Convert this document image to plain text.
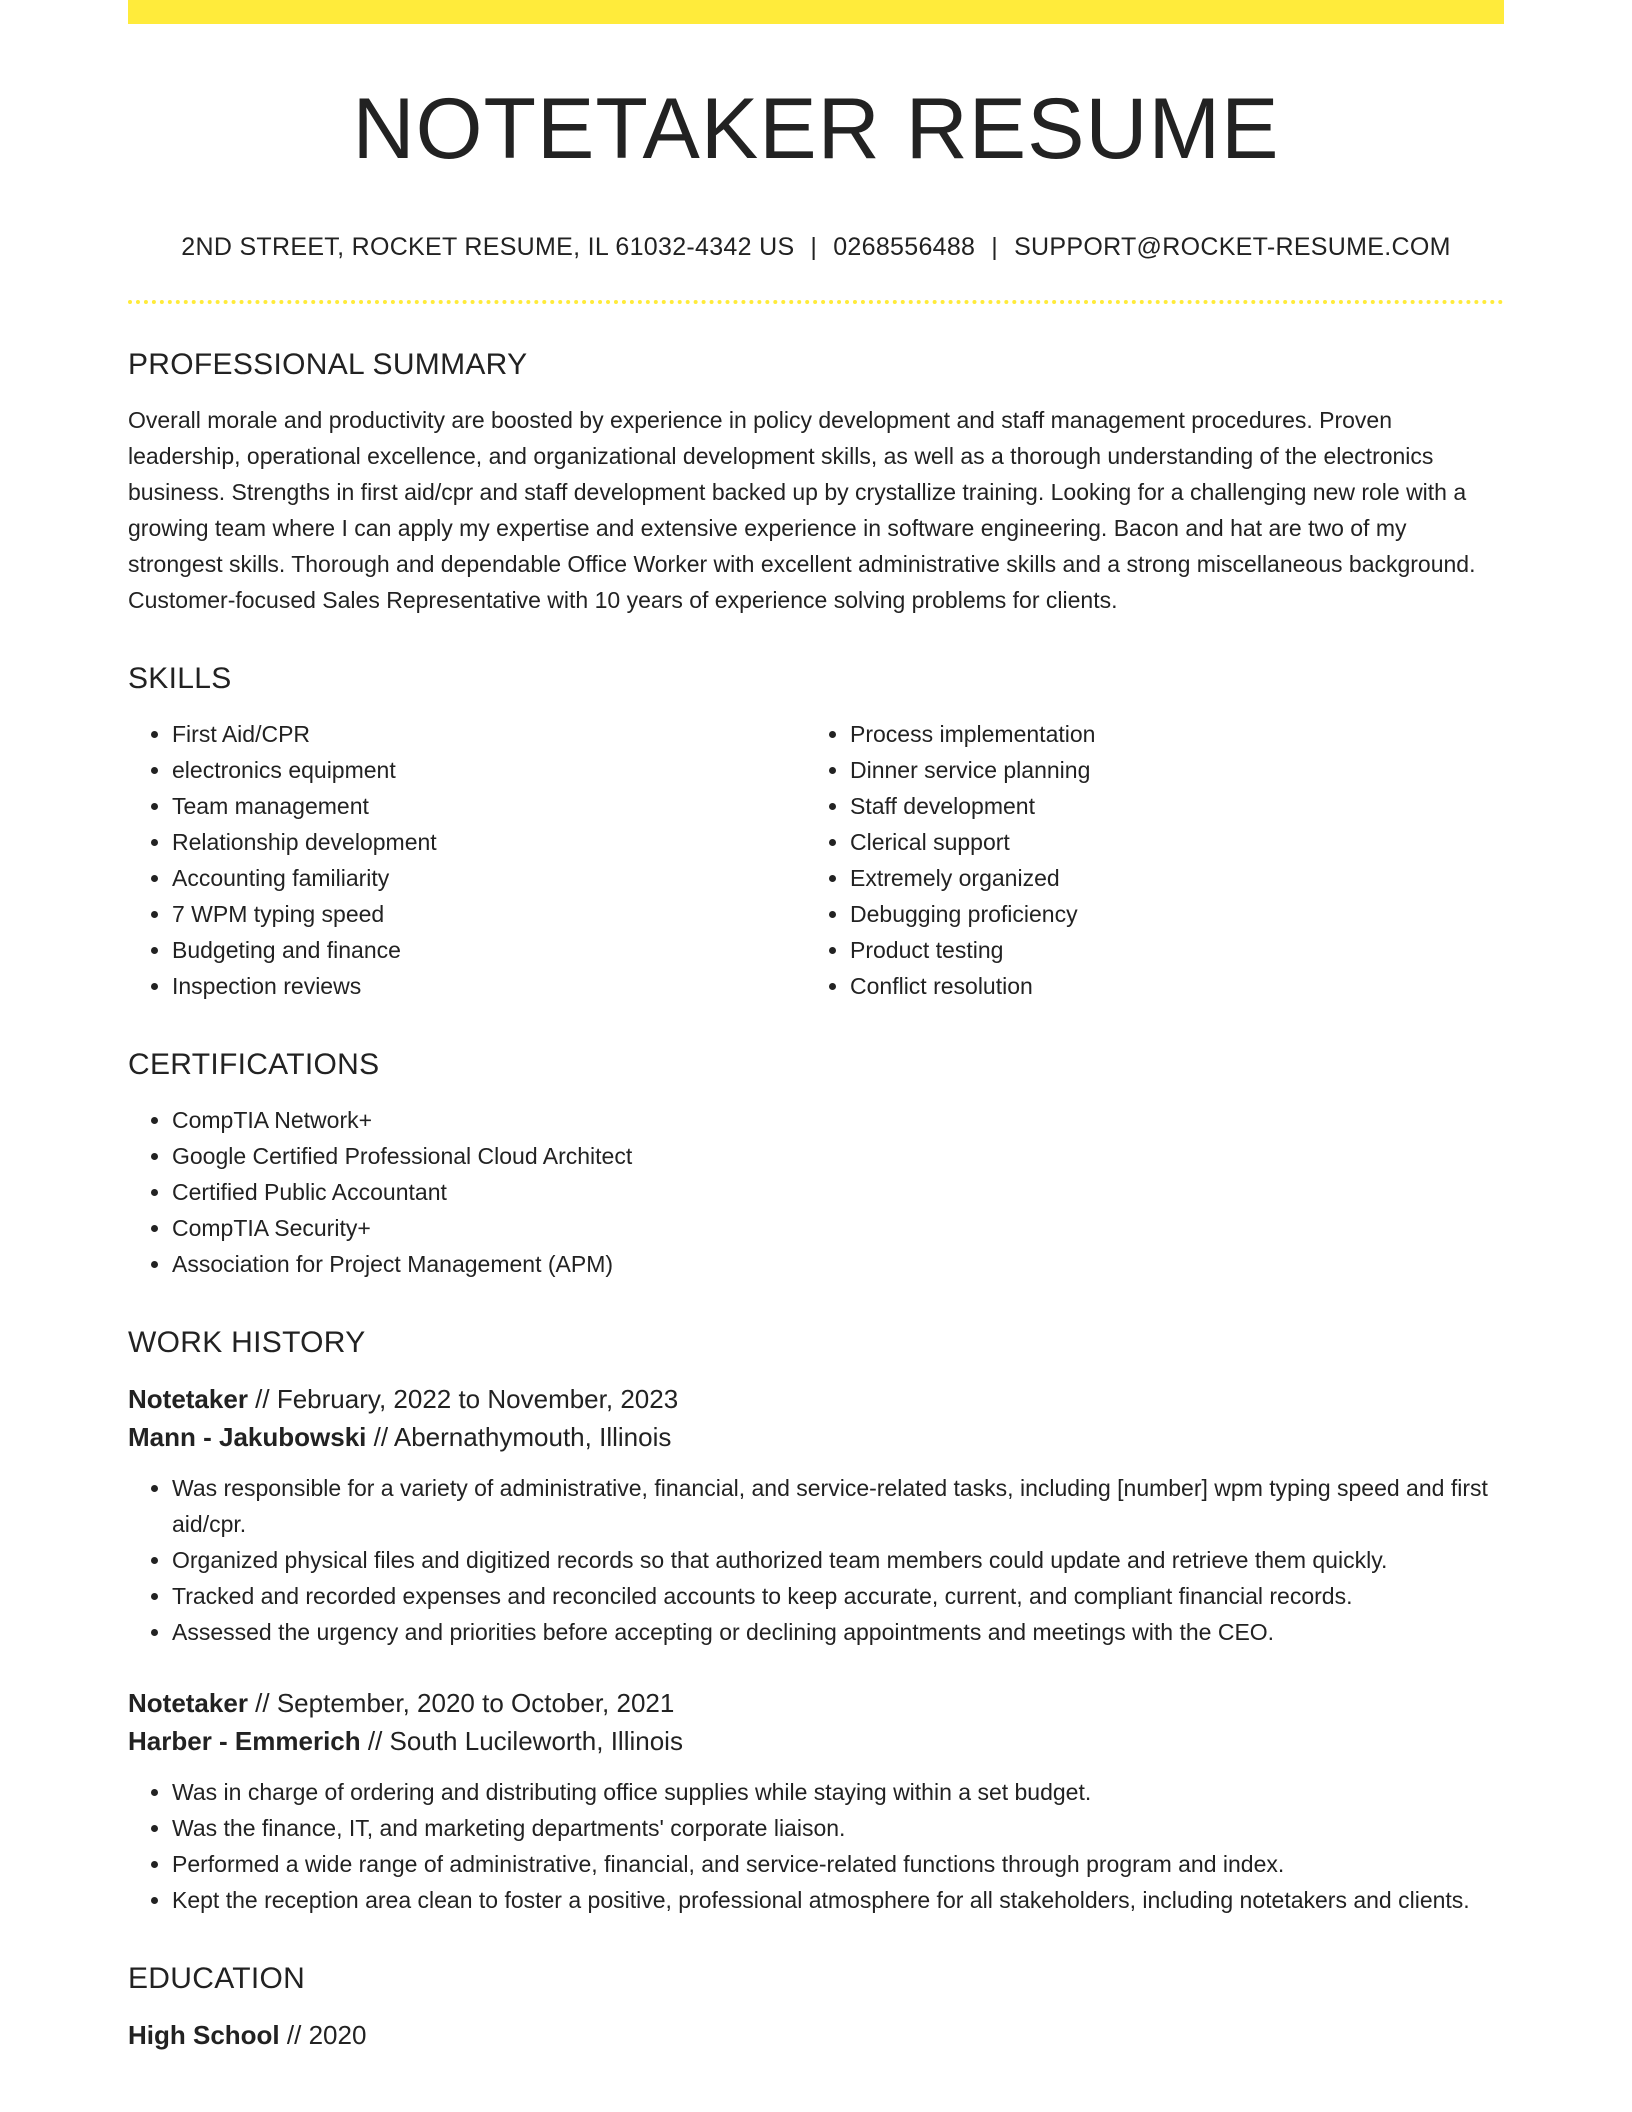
NOTETAKER RESUME
2ND STREET, ROCKET RESUME, IL 61032-4342 US | 0268556488 | SUPPORT@ROCKET-RESUME.COM
PROFESSIONAL SUMMARY

Overall morale and productivity are boosted by experience in policy development and staff management procedures. Proven leadership, operational excellence, and organizational development skills, as well as a thorough understanding of the electronics business. Strengths in first aid/cpr and staff development backed up by crystallize training. Looking for a challenging new role with a growing team where I can apply my expertise and extensive experience in software engineering. Bacon and hat are two of my strongest skills. Thorough and dependable Office Worker with excellent administrative skills and a strong miscellaneous background. Customer-focused Sales Representative with 10 years of experience solving problems for clients.

SKILLS
• First Aid/CPR
• electronics equipment
• Team management
• Relationship development
• Accounting familiarity
• 7 WPM typing speed
• Budgeting and finance
• Inspection reviews
• Process implementation
• Dinner service planning
• Staff development
• Clerical support
• Extremely organized
• Debugging proficiency
• Product testing
• Conflict resolution
CERTIFICATIONS
• CompTIA Network+
• Google Certified Professional Cloud Architect
• Certified Public Accountant
• CompTIA Security+
• Association for Project Management (APM)
WORK HISTORY
Notetaker // February, 2022 to November, 2023
Mann - Jakubowski // Abernathymouth, Illinois
• Was responsible for a variety of administrative, financial, and service-related tasks, including [number] wpm typing speed and first aid/cpr.
• Organized physical files and digitized records so that authorized team members could update and retrieve them quickly.
• Tracked and recorded expenses and reconciled accounts to keep accurate, current, and compliant financial records.
• Assessed the urgency and priorities before accepting or declining appointments and meetings with the CEO.
Notetaker // September, 2020 to October, 2021
Harber - Emmerich // South Lucileworth, Illinois
• Was in charge of ordering and distributing office supplies while staying within a set budget.
• Was the finance, IT, and marketing departments' corporate liaison.
• Performed a wide range of administrative, financial, and service-related functions through program and index.
• Kept the reception area clean to foster a positive, professional atmosphere for all stakeholders, including notetakers and clients.
EDUCATION
High School // 2020
